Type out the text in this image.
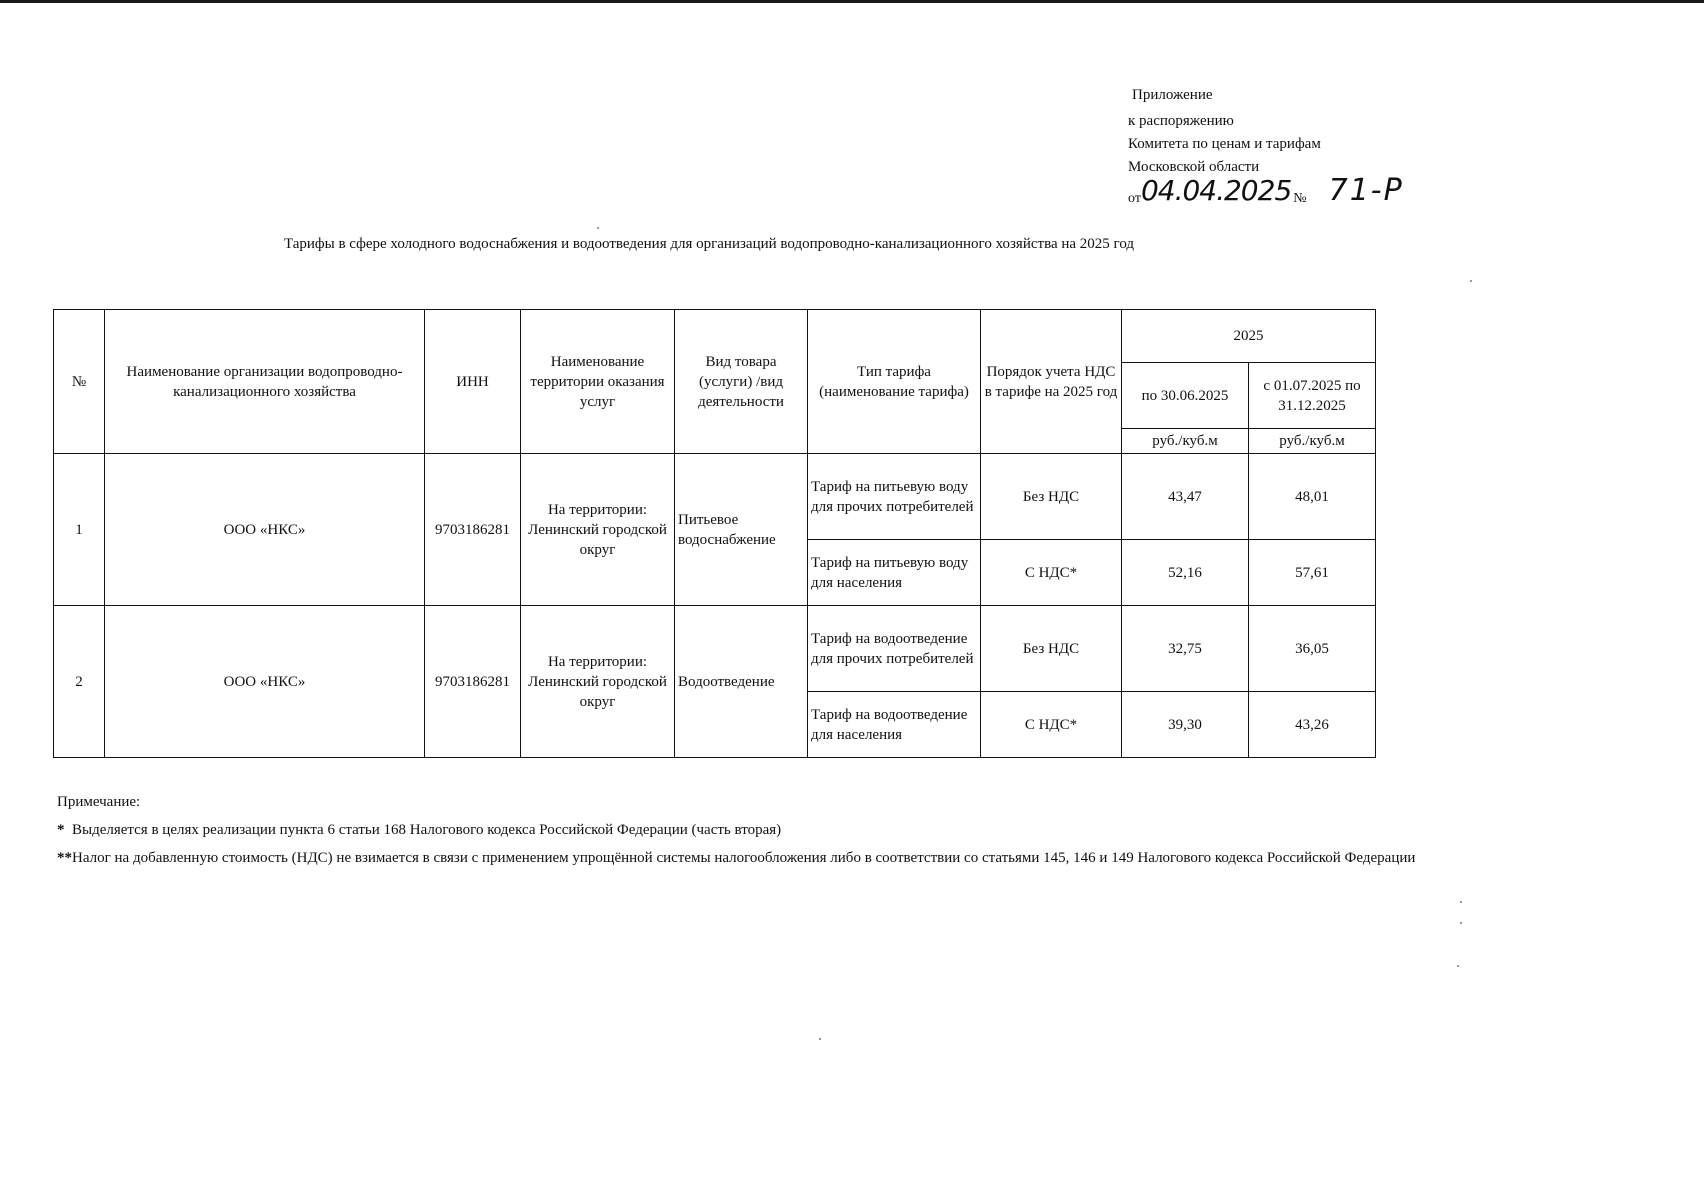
Приложение
к распоряжению
Комитета по ценам и тарифам
Московской области
от04.04.2025 № 71-Р
Тарифы в сфере холодного водоснабжения и водоотведения для организаций водопроводно-канализационного хозяйства на 2025 год
№	Наименование организации водопроводно-канализационного хозяйства	ИНН	Наименование территории оказания услуг	Вид товара (услуги) /вид деятельности	Тип тарифа (наименование тарифа)	Порядок учета НДС в тарифе на 2025 год	2025	
							по 30.06.2025	с 01.07.2025 по 31.12.2025
							руб./куб.м	руб./куб.м
1	ООО «НКС»	9703186281	На территории: Ленинский городской округ	Питьевое водоснабжение	Тариф на питьевую воду для прочих потребителей	Без НДС	43,47	48,01
					Тариф на питьевую воду для населения	С НДС*	52,16	57,61
2	ООО «НКС»	9703186281	На территории: Ленинский городской округ	Водоотведение	Тариф на водоотведение для прочих потребителей	Без НДС	32,75	36,05
					Тариф на водоотведение для населения	С НДС*	39,30	43,26
Примечание:
* Выделяется в целях реализации пункта 6 статьи 168 Налогового кодекса Российской Федерации (часть вторая)
**Налог на добавленную стоимость (НДС) не взимается в связи с применением упрощённой системы налогообложения либо в соответствии со статьями 145, 146 и 149 Налогового кодекса Российской Федерации
